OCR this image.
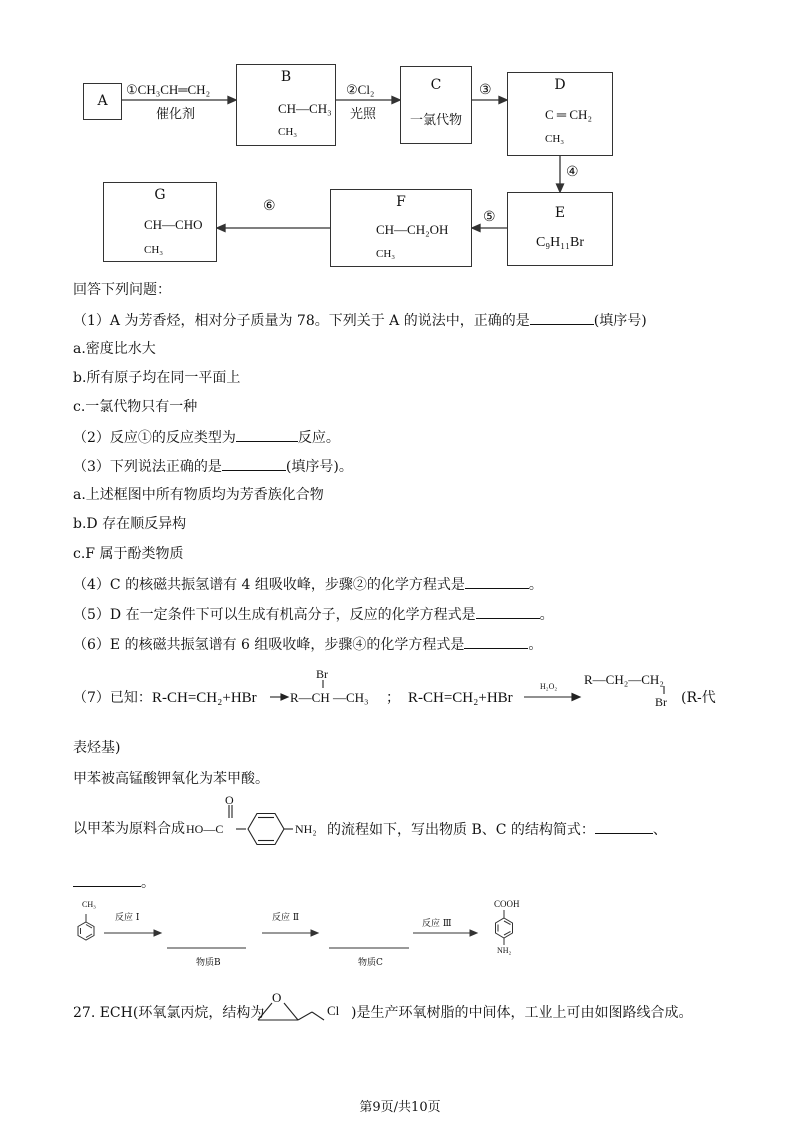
A
①CH₃CH═CH₂
催化剂
B
CH—CH₃
CH₃
②Cl₂
光照
C
一氯代物
③	D
C ═ CH₂
CH₃
④
E
C₉H₁₁Br
⑤
F
CH—CH₂OH
CH₃
⑥
G
CH—CHO
CH₃
回答下列问题：
（1）A 为芳香烃，相对分子质量为 78。下列关于 A 的说法中，正确的是	(填序号)
a.密度比水大
b.所有原子均在同一平面上
c.一氯代物只有一种
（2）反应①的反应类型为	反应。
（3）下列说法正确的是	(填序号)。
a.上述框图中所有物质均为芳香族化合物
b.D 存在顺反异构
c.F 属于酚类物质
（4）C 的核磁共振氢谱有 4 组吸收峰，步骤②的化学方程式是	。
（5）D 在一定条件下可以生成有机高分子，反应的化学方程式是	。
（6）E 的核磁共振氢谱有 6 组吸收峰，步骤④的化学方程式是	。
（7）已知： R-CH=CH₂+HBr
Br
R—CH —CH₃ ； R-CH=CH₂+HBr
H₂O₂ R—CH₂—CH₂
Br (R-代
表烃基)
甲苯被高锰酸钾氧化为苯甲酸。
以甲苯为原料合成
O
HO—C	NH₂ 的流程如下，写出物质 B、C 的结构简式：	、
。
CH₃
反应 I	反应 Ⅱ
反应 Ⅲ
物质B	物质C
COOH
NH₂
27. ECH(环氧氯丙烷，结构为
O
Cl )是生产环氧树脂的中间体，工业上可由如图路线合成。
第9页/共10页
